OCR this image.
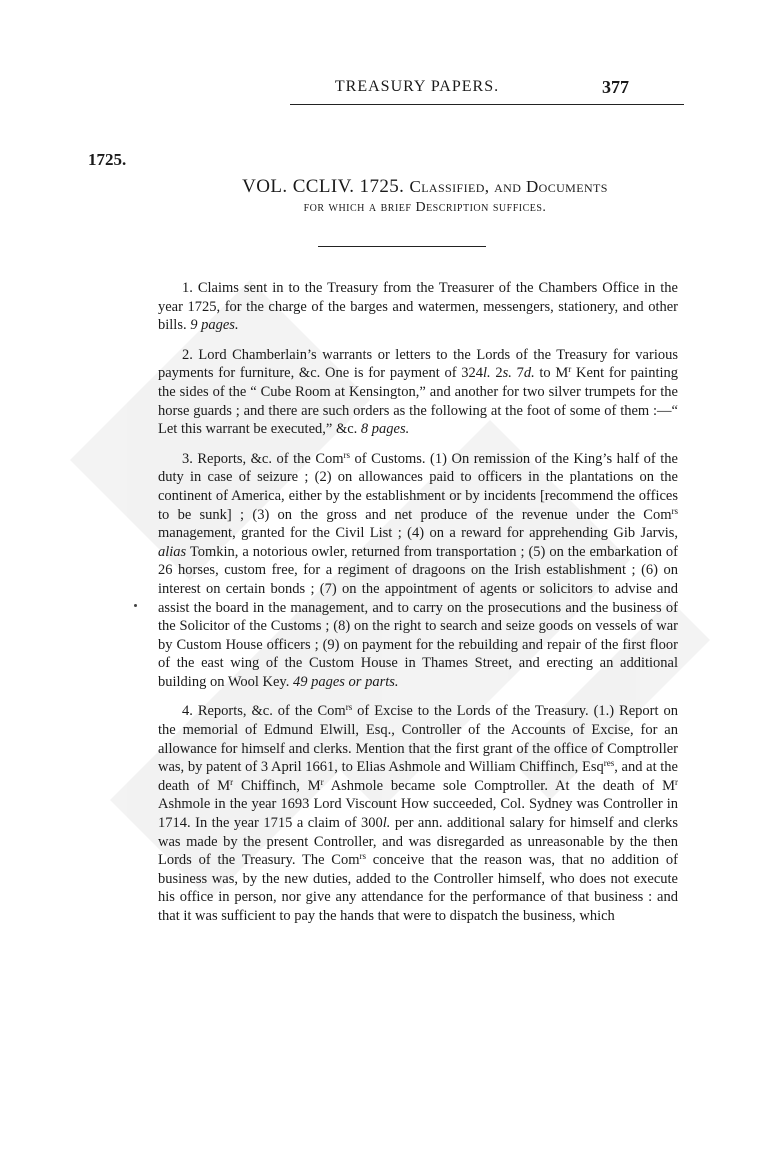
TREASURY PAPERS.	377
1725.
VOL. CCLIV. 1725. Classified, and Documents
for which a brief Description suffices.

1. Claims sent in to the Treasury from the Treasurer of the Chambers Office in the year 1725, for the charge of the barges and watermen, messengers, stationery, and other bills. 9 pages.

2. Lord Chamberlain’s warrants or letters to the Lords of the Treasury for various payments for furniture, &c. One is for payment of 324l. 2s. 7d. to $M^r$ Kent for painting the sides of the “ Cube Room at Kensington,” and another for two silver trumpets for the horse guards ; and there are such orders as the following at the foot of some of them :—“ Let this warrant be executed,” &c. 8 pages.

3. Reports, &c. of the Com$^{rs}$ of Customs. (1) On remission of the King’s half of the duty in case of seizure ; (2) on allowances paid to officers in the plantations on the continent of America, either by the establishment or by incidents [recommend the offices to be sunk] ; (3) on the gross and net produce of the revenue under the Com$^{rs}$ management, granted for the Civil List ; (4) on a reward for apprehending Gib Jarvis, alias Tomkin, a notorious owler, returned from transportation ; (5) on the embarkation of 26 horses, custom free, for a regiment of dragoons on the Irish establishment ; (6) on interest on certain bonds ; (7) on the appointment of agents or solicitors to advise and assist the board in the management, and to carry on the prosecutions and the business of the Solicitor of the Customs ; (8) on the right to search and seize goods on vessels of war by Custom House officers ; (9) on payment for the rebuilding and repair of the first floor of the east wing of the Custom House in Thames Street, and erecting an additional building on Wool Key. 49 pages or parts.

4. Reports, &c. of the Com$^{rs}$ of Excise to the Lords of the Treasury. (1.) Report on the memorial of Edmund Elwill, Esq., Controller of the Accounts of Excise, for an allowance for himself and clerks. Mention that the first grant of the office of Comptroller was, by patent of 3 April 1661, to Elias Ashmole and William Chiffinch, Esq$^{res}$, and at the death of $M^r$ Chiffinch, $M^r$ Ashmole became sole Comptroller. At the death of $M^r$ Ashmole in the year 1693 Lord Viscount How succeeded, Col. Sydney was Controller in 1714. In the year 1715 a claim of 300l. per ann. additional salary for himself and clerks was made by the present Controller, and was disregarded as unreasonable by the then Lords of the Treasury. The Com$^{rs}$ conceive that the reason was, that no addition of business was, by the new duties, added to the Controller himself, who does not execute his office in person, nor give any attendance for the performance of that business : and that it was sufficient to pay the hands that were to dispatch the business, which
